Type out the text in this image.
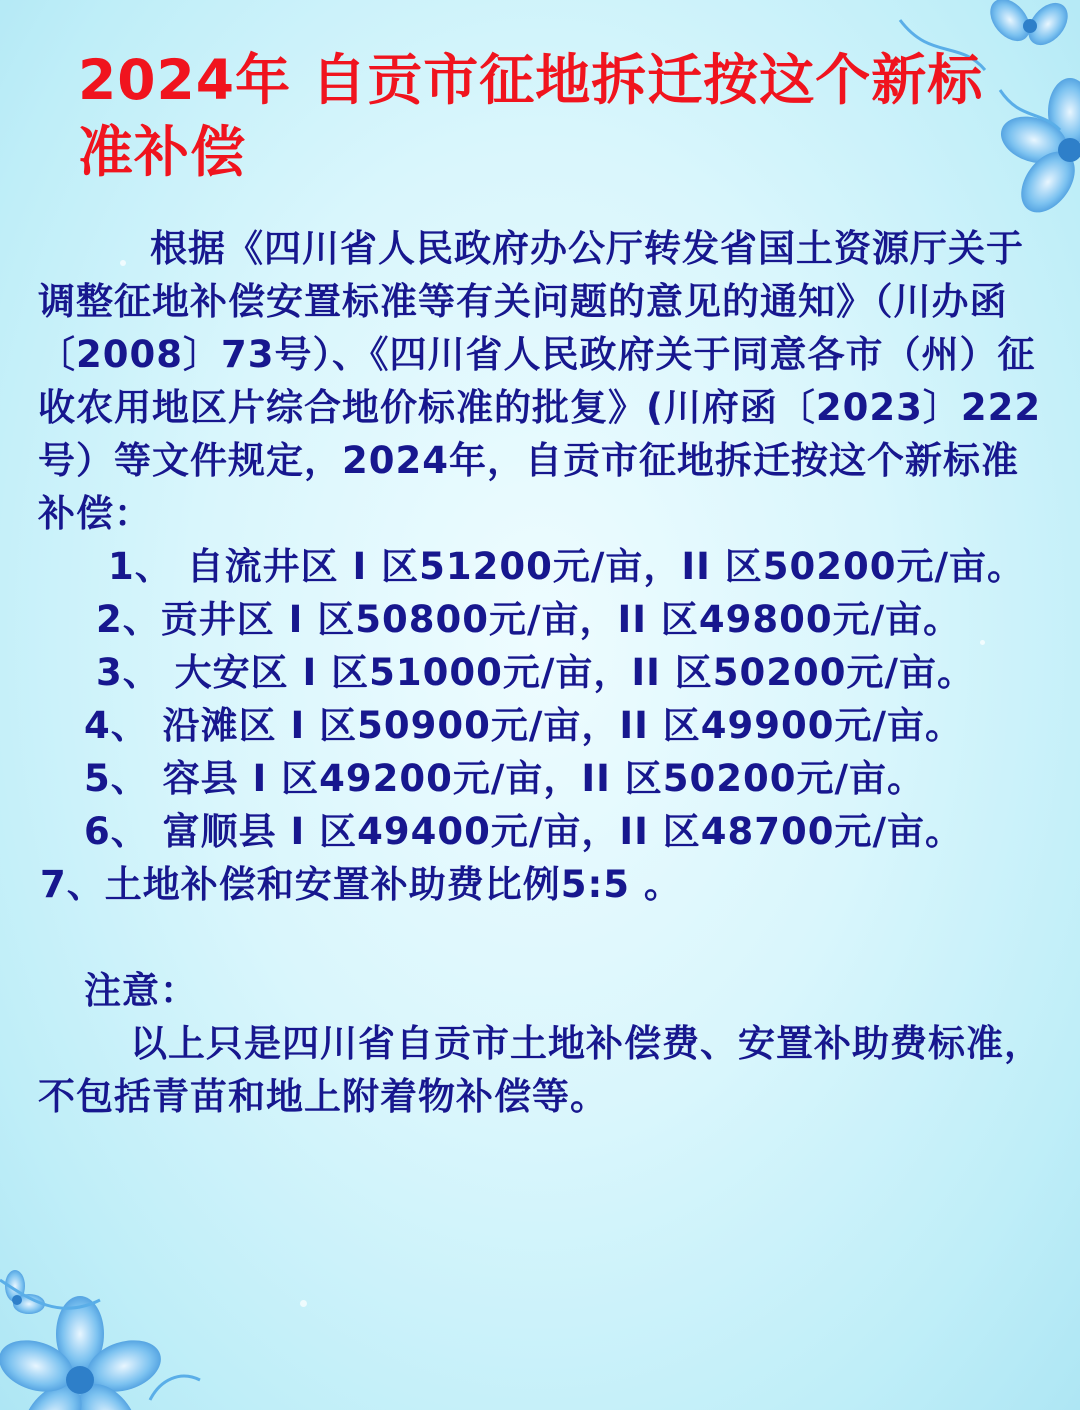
2024年 自贡市征地拆迁按这个新标准补偿

根据《四川省人民政府办公厅转发省国土资源厅关于调整征地补偿安置标准等有关问题的意见的通知》（川办函〔2008〕73号）、《四川省人民政府关于同意各市（州）征收农用地区片综合地价标准的批复》(川府函〔2023〕222号）等文件规定，2024年，自贡市征地拆迁按这个新标准补偿：

1、 自流井区 I 区51200元/亩，II 区50200元/亩。

2、贡井区 I 区50800元/亩，II 区49800元/亩。

3、 大安区 I 区51000元/亩，II 区50200元/亩。

4、 沿滩区 I 区50900元/亩，II 区49900元/亩。

5、 容县 I 区49200元/亩，II 区50200元/亩。

6、 富顺县 I 区49400元/亩，II 区48700元/亩。

7、土地补偿和安置补助费比例5:5 。

注意：

以上只是四川省自贡市土地补偿费、安置补助费标准，不包括青苗和地上附着物补偿等。
